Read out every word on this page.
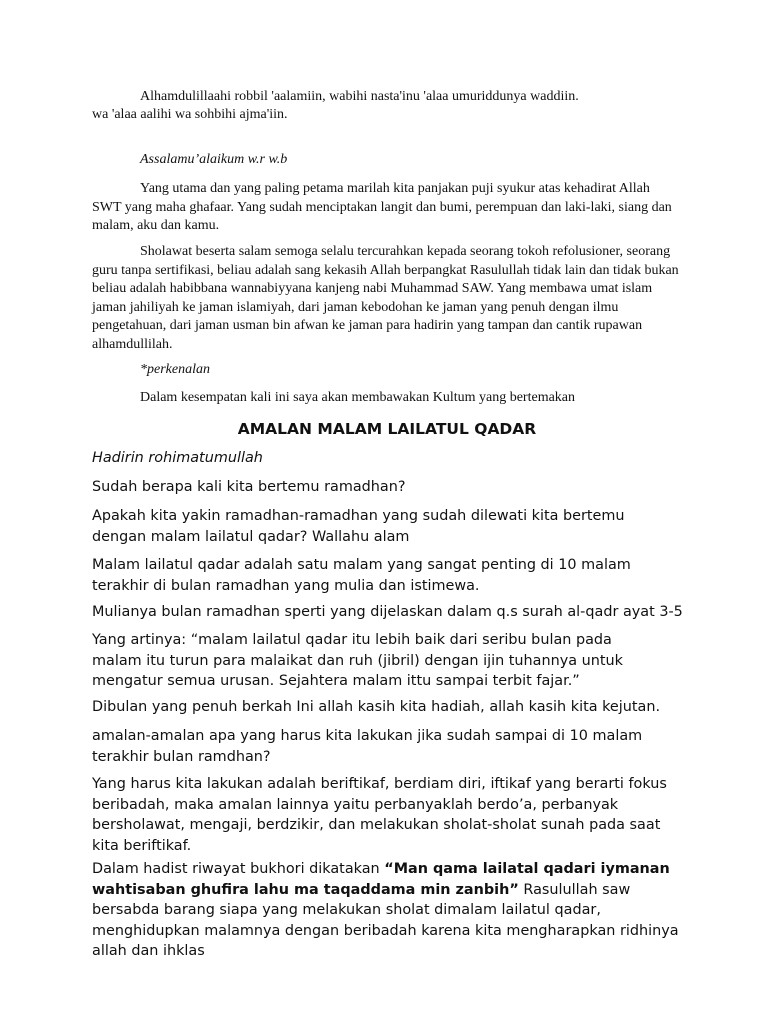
Alhamdulillaahi robbil 'aalamiin, wabihi nasta'inu 'alaa umuriddunya waddiin.

wa 'alaa aalihi wa sohbihi ajma'iin.

Assalamu’alaikum w.r w.b

Yang utama dan yang paling petama marilah kita panjakan puji syukur atas kehadirat Allah SWT yang maha ghafaar. Yang sudah menciptakan langit dan bumi, perempuan dan laki-laki, siang dan malam, aku dan kamu.

Sholawat beserta salam semoga selalu tercurahkan kepada seorang tokoh refolusioner, seorang guru tanpa sertifikasi, beliau adalah sang kekasih Allah berpangkat Rasulullah tidak lain dan tidak bukan beliau adalah habibbana wannabiyyana kanjeng nabi Muhammad SAW. Yang membawa umat islam jaman jahiliyah ke jaman islamiyah, dari jaman kebodohan ke jaman yang penuh dengan ilmu pengetahuan, dari jaman usman bin afwan ke jaman para hadirin yang tampan dan cantik rupawan alhamdullilah.

*perkenalan

Dalam kesempatan kali ini saya akan membawakan Kultum yang bertemakan

AMALAN MALAM LAILATUL QADAR

Hadirin rohimatumullah

Sudah berapa kali kita bertemu ramadhan?

Apakah kita yakin ramadhan-ramadhan yang sudah dilewati kita bertemu dengan malam lailatul qadar? Wallahu alam

Malam lailatul qadar adalah satu malam yang sangat penting di 10 malam terakhir di bulan ramadhan yang mulia dan istimewa.

Mulianya bulan ramadhan sperti yang dijelaskan dalam q.s surah al-qadr ayat 3-5

Yang artinya: “malam lailatul qadar itu lebih baik dari seribu bulan pada malam itu turun para malaikat dan ruh (jibril) dengan ijin tuhannya untuk mengatur semua urusan. Sejahtera malam ittu sampai terbit fajar.”

Dibulan yang penuh berkah Ini allah kasih kita hadiah, allah kasih kita kejutan.

amalan-amalan apa yang harus kita lakukan jika sudah sampai di 10 malam terakhir bulan ramdhan?

Yang harus kita lakukan adalah beriftikaf, berdiam diri, iftikaf yang berarti fokus beribadah, maka amalan lainnya yaitu perbanyaklah berdo’a, perbanyak bersholawat, mengaji, berdzikir, dan melakukan sholat-sholat sunah pada saat kita beriftikaf.

Dalam hadist riwayat bukhori dikatakan “Man qama lailatal qadari iymanan wahtisaban ghufira lahu ma taqaddama min zanbih” Rasulullah saw bersabda barang siapa yang melakukan sholat dimalam lailatul qadar, menghidupkan malamnya dengan beribadah karena kita mengharapkan ridhinya allah dan ihklas
